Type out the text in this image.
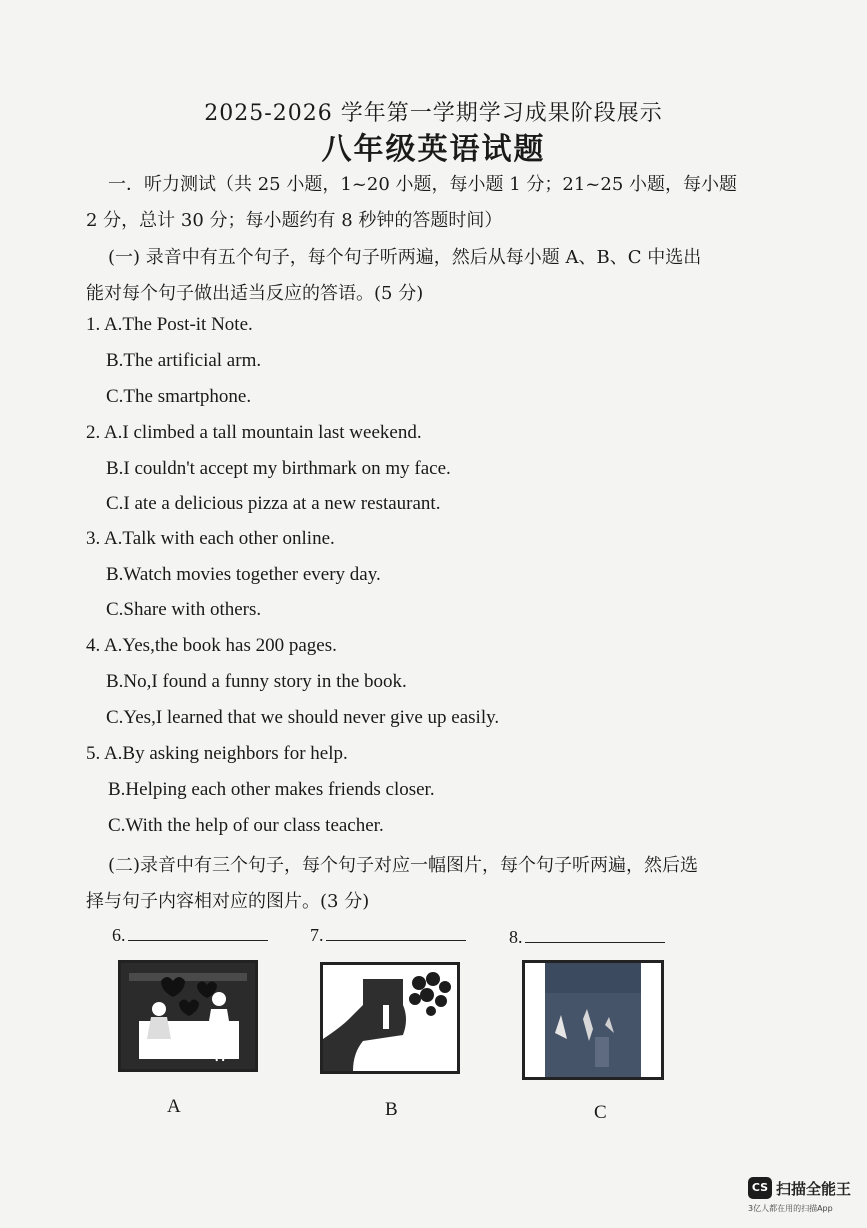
2025-2026 学年第一学期学习成果阶段展示
八年级英语试题
一．听力测试（共 25 小题，1~20 小题，每小题 1 分；21~25 小题，每小题
2 分，总计 30 分；每小题约有 8 秒钟的答题时间）
(一) 录音中有五个句子，每个句子听两遍，然后从每小题 A、B、C 中选出
能对每个句子做出适当反应的答语。(5 分)
1. A.The Post-it Note.
B.The artificial arm.
C.The smartphone.
2. A.I climbed a tall mountain last weekend.
B.I couldn't accept my birthmark on my face.
C.I ate a delicious pizza at a new restaurant.
3. A.Talk with each other online.
B.Watch movies together every day.
C.Share with others.
4. A.Yes,the book has 200 pages.
B.No,I found a funny story in the book.
C.Yes,I learned that we should never give up easily.
5. A.By asking neighbors for help.
B.Helping each other makes friends closer.
C.With the help of our class teacher.
(二)录音中有三个句子，每个句子对应一幅图片，每个句子听两遍，然后选
择与句子内容相对应的图片。(3 分)
6.	7.	8.
A	B	C
CS 扫描全能王
3亿人都在用的扫描App
